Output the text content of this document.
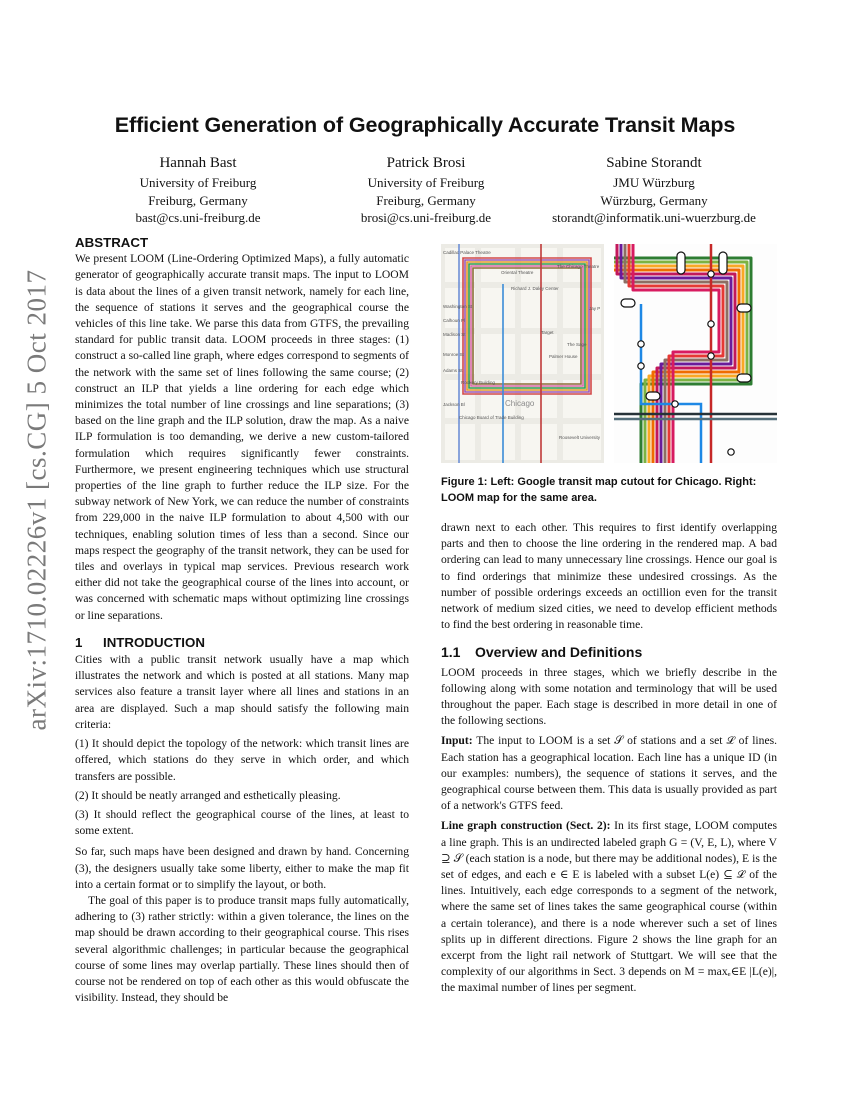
arXiv:1710.02226v1 [cs.CG] 5 Oct 2017
Efficient Generation of Geographically Accurate Transit Maps
Hannah Bast
University of Freiburg
Freiburg, Germany
bast@cs.uni-freiburg.de
Patrick Brosi
University of Freiburg
Freiburg, Germany
brosi@cs.uni-freiburg.de
Sabine Storandt
JMU Würzburg
Würzburg, Germany
storandt@informatik.uni-wuerzburg.de
ABSTRACT

We present LOOM (Line-Ordering Optimized Maps), a fully automatic generator of geographically accurate transit maps. The input to LOOM is data about the lines of a given transit network, namely for each line, the sequence of stations it serves and the geographical course the vehicles of this line take. We parse this data from GTFS, the prevailing standard for public transit data. LOOM proceeds in three stages: (1) construct a so-called line graph, where edges correspond to segments of the network with the same set of lines following the same course; (2) construct an ILP that yields a line ordering for each edge which minimizes the total number of line crossings and line separations; (3) based on the line graph and the ILP solution, draw the map. As a naive ILP formulation is too demanding, we derive a new custom-tailored formulation which requires significantly fewer constraints. Furthermore, we present engineering techniques which use structural properties of the line graph to further reduce the ILP size. For the subway network of New York, we can reduce the number of constraints from 229,000 in the naive ILP formulation to about 4,500 with our techniques, enabling solution times of less than a second. Since our maps respect the geography of the transit network, they can be used for tiles and overlays in typical map services. Previous research work either did not take the geographical course of the lines into account, or was concerned with schematic maps without optimizing line crossings or line separations.

1 INTRODUCTION

Cities with a public transit network usually have a map which illustrates the network and which is posted at all stations. Many map services also feature a transit layer where all lines and stations in an area are displayed. Such a map should satisfy the following main criteria:

(1) It should depict the topology of the network: which transit lines are offered, which stations do they serve in which order, and which transfers are possible.

(2) It should be neatly arranged and esthetically pleasing.

(3) It should reflect the geographical course of the lines, at least to some extent.

So far, such maps have been designed and drawn by hand. Concerning (3), the designers usually take some liberty, either to make the map fit into a certain format or to simplify the layout, or both.

The goal of this paper is to produce transit maps fully automatically, adhering to (3) rather strictly: within a given tolerance, the lines on the map should be drawn according to their geographical course. This rises several algorithmic challenges; in particular because the geographical course of some lines may overlap partially. These lines should then of course not be rendered on top of each other as this would obfuscate the visibility. Instead, they should be

Oriental Theatre
The Chicago Theatre
Cadillac Palace Theatre
Richard J. Daley Center
Washington St
Calhoun Pl
Madison St	Target
Jay P
The Sage
Palmer House
Monroe St
Adams St
Rookery Building
Jackson Bl
Chicago Board of Trade Building
Chicago
Roosevelt University
Figure 1: Left: Google transit map cutout for Chicago. Right: LOOM map for the same area.

drawn next to each other. This requires to first identify overlapping parts and then to choose the line ordering in the rendered map. A bad ordering can lead to many unnecessary line crossings. Hence our goal is to find orderings that minimize these undesired crossings. As the number of possible orderings exceeds an octillion even for the transit network of medium sized cities, we need to develop efficient methods to find the best ordering in reasonable time.

1.1 Overview and Definitions

LOOM proceeds in three stages, which we briefly describe in the following along with some notation and terminology that will be used throughout the paper. Each stage is described in more detail in one of the following sections.

Input: The input to LOOM is a set 𝒮 of stations and a set ℒ of lines. Each station has a geographical location. Each line has a unique ID (in our examples: numbers), the sequence of stations it serves, and the geographical course between them. This data is usually provided as part of a network's GTFS feed.

Line graph construction (Sect. 2): In its first stage, LOOM computes a line graph. This is an undirected labeled graph G = (V, E, L), where V ⊇ 𝒮 (each station is a node, but there may be additional nodes), E is the set of edges, and each e ∈ E is labeled with a subset L(e) ⊆ ℒ of the lines. Intuitively, each edge corresponds to a segment of the network, where the same set of lines takes the same geographical course (within a certain tolerance), and there is a node wherever such a set of lines splits up in different directions. Figure 2 shows the line graph for an excerpt from the light rail network of Stuttgart. We will see that the complexity of our algorithms in Sect. 3 depends on M = maxₑ∈E |L(e)|, the maximal number of lines per segment.
